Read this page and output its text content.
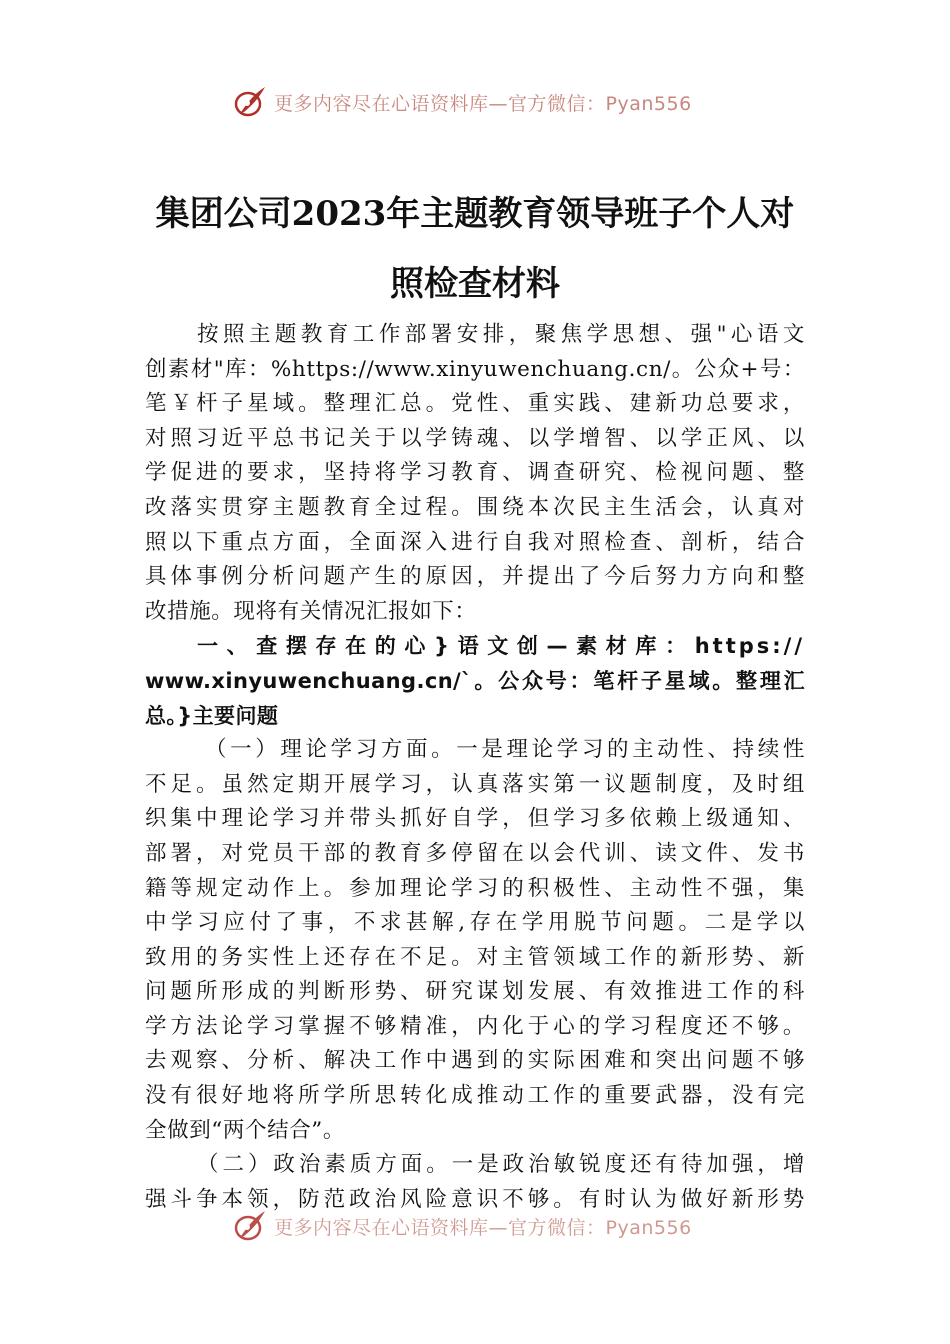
更多内容尽在心语资料库—官方微信：Pyan556
集团公司2023年主题教育领导班子个人对
照检查材料
按照主题教育工作部署安排，聚焦学思想、强"心语文
创素材"库：%https://www.xinyuwenchuang.cn/。公众+号：
笔￥杆子星域。整理汇总。党性、重实践、建新功总要求，
对照习近平总书记关于以学铸魂、以学增智、以学正风、以
学促进的要求，坚持将学习教育、调查研究、检视问题、整
改落实贯穿主题教育全过程。围绕本次民主生活会，认真对
照以下重点方面，全面深入进行自我对照检查、剖析，结合
具体事例分析问题产生的原因，并提出了今后努力方向和整
改措施。现将有关情况汇报如下：
一、查摆存在的心}语文创—素材库：https://
www.xinyuwenchuang.cn/`。公众号：笔杆子星域。整理汇
总。}主要问题
（一）理论学习方面。一是理论学习的主动性、持续性
不足。虽然定期开展学习，认真落实第一议题制度，及时组
织集中理论学习并带头抓好自学，但学习多依赖上级通知、
部署，对党员干部的教育多停留在以会代训、读文件、发书
籍等规定动作上。参加理论学习的积极性、主动性不强，集
中学习应付了事，不求甚解,存在学用脱节问题。二是学以
致用的务实性上还存在不足。对主管领域工作的新形势、新
问题所形成的判断形势、研究谋划发展、有效推进工作的科
学方法论学习掌握不够精准，内化于心的学习程度还不够。
去观察、分析、解决工作中遇到的实际困难和突出问题不够
没有很好地将所学所思转化成推动工作的重要武器，没有完
全做到“两个结合”。
（二）政治素质方面。一是政治敏锐度还有待加强，增
强斗争本领，防范政治风险意识不够。有时认为做好新形势
更多内容尽在心语资料库—官方微信：Pyan556
